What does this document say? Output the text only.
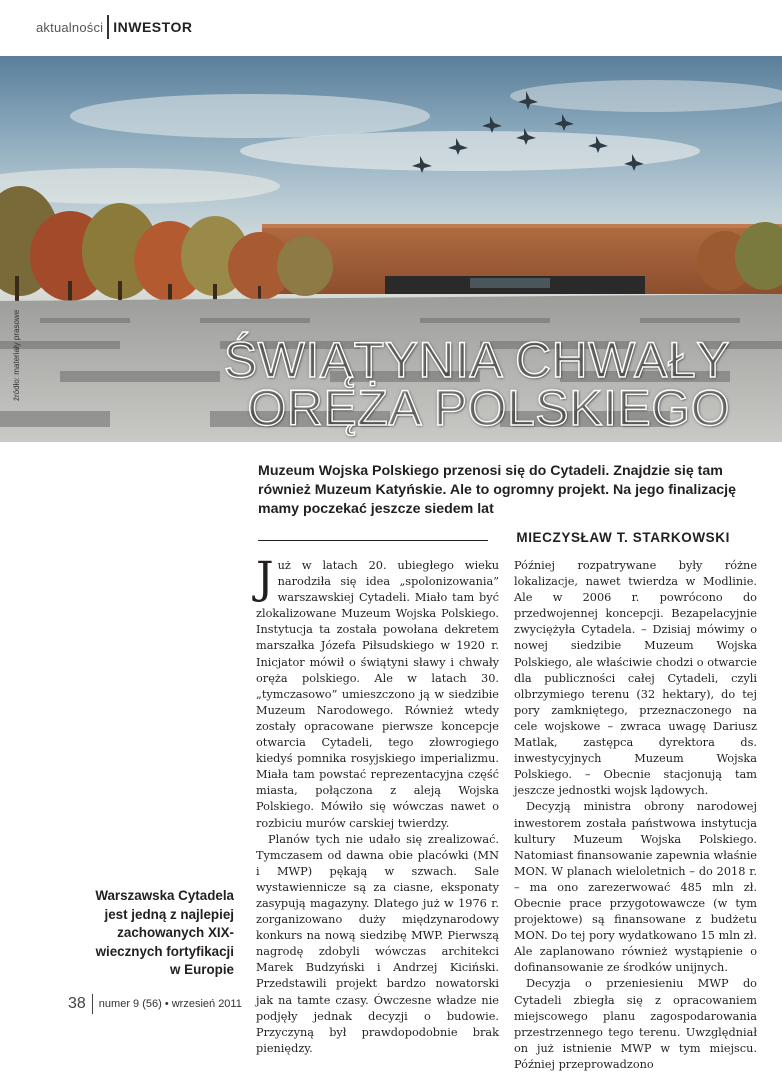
aktualności INWESTOR
źródło: materiały prasowe	ŚWIĄTYNIA CHWAŁY
ORĘŻA POLSKIEGO
Muzeum Wojska Polskiego przenosi się do Cytadeli. Znajdzie się tam również Muzeum Katyńskie. Ale to ogromny projekt. Na jego finalizację mamy poczekać jeszcze siedem lat
MIECZYSŁAW T. STARKOWSKI

Już w latach 20. ubiegłego wieku narodziła się idea „spolonizowania” warszawskiej Cytadeli. Miało tam być zlokalizowane Muzeum Wojska Polskiego. Instytucja ta została powołana dekretem marszałka Józefa Piłsudskiego w 1920 r. Inicjator mówił o świątyni sławy i chwały oręża polskiego. Ale w latach 30. „tymczasowo” umieszczono ją w siedzibie Muzeum Narodowego. Również wtedy zostały opracowane pierwsze koncepcje otwarcia Cytadeli, tego złowrogiego kiedyś pomnika rosyjskiego imperializmu. Miała tam powstać reprezentacyjna część miasta, połączona z aleją Wojska Polskiego. Mówiło się wówczas nawet o rozbiciu murów carskiej twierdzy.

Planów tych nie udało się zrealizować. Tymczasem od dawna obie placówki (MN i MWP) pękają w szwach. Sale wystawiennicze są za ciasne, eksponaty zasypują magazyny. Dlatego już w 1976 r. zorganizowano duży międzynarodowy konkurs na nową siedzibę MWP. Pierwszą nagrodę zdobyli wówczas architekci Marek Budzyński i Andrzej Kiciński. Przedstawili projekt bardzo nowatorski jak na tamte czasy. Ówczesne władze nie podjęły jednak decyzji o budowie. Przyczyną był prawdopodobnie brak pieniędzy.

Później rozpatrywane były różne lokalizacje, nawet twierdza w Modlinie. Ale w 2006 r. powrócono do przedwojennej koncepcji. Bezapelacyjnie zwyciężyła Cytadela. – Dzisiaj mówimy o nowej siedzibie Muzeum Wojska Polskiego, ale właściwie chodzi o otwarcie dla publiczności całej Cytadeli, czyli olbrzymiego terenu (32 hektary), do tej pory zamkniętego, przeznaczonego na cele wojskowe – zwraca uwagę Dariusz Matlak, zastępca dyrektora ds. inwestycyjnych Muzeum Wojska Polskiego. – Obecnie stacjonują tam jeszcze jednostki wojsk lądowych.

Decyzją ministra obrony narodowej inwestorem została państwowa instytucja kultury Muzeum Wojska Polskiego. Natomiast finansowanie zapewnia właśnie MON. W planach wieloletnich – do 2018 r. – ma ono zarezerwować 485 mln zł. Obecnie prace przygotowawcze (w tym projektowe) są finansowane z budżetu MON. Do tej pory wydatkowano 15 mln zł. Ale zaplanowano również wystąpienie o dofinansowanie ze środków unijnych.

Decyzja o przeniesieniu MWP do Cytadeli zbiegła się z opracowaniem miejscowego planu zagospodarowania przestrzennego tego terenu. Uwzględniał on już istnienie MWP w tym miejscu. Później przeprowadzono

Warszawska Cytadela jest jedną z najlepiej zachowanych XIX-wiecznych fortyfikacji w Europie
38 numer 9 (56) • wrzesień 2011
